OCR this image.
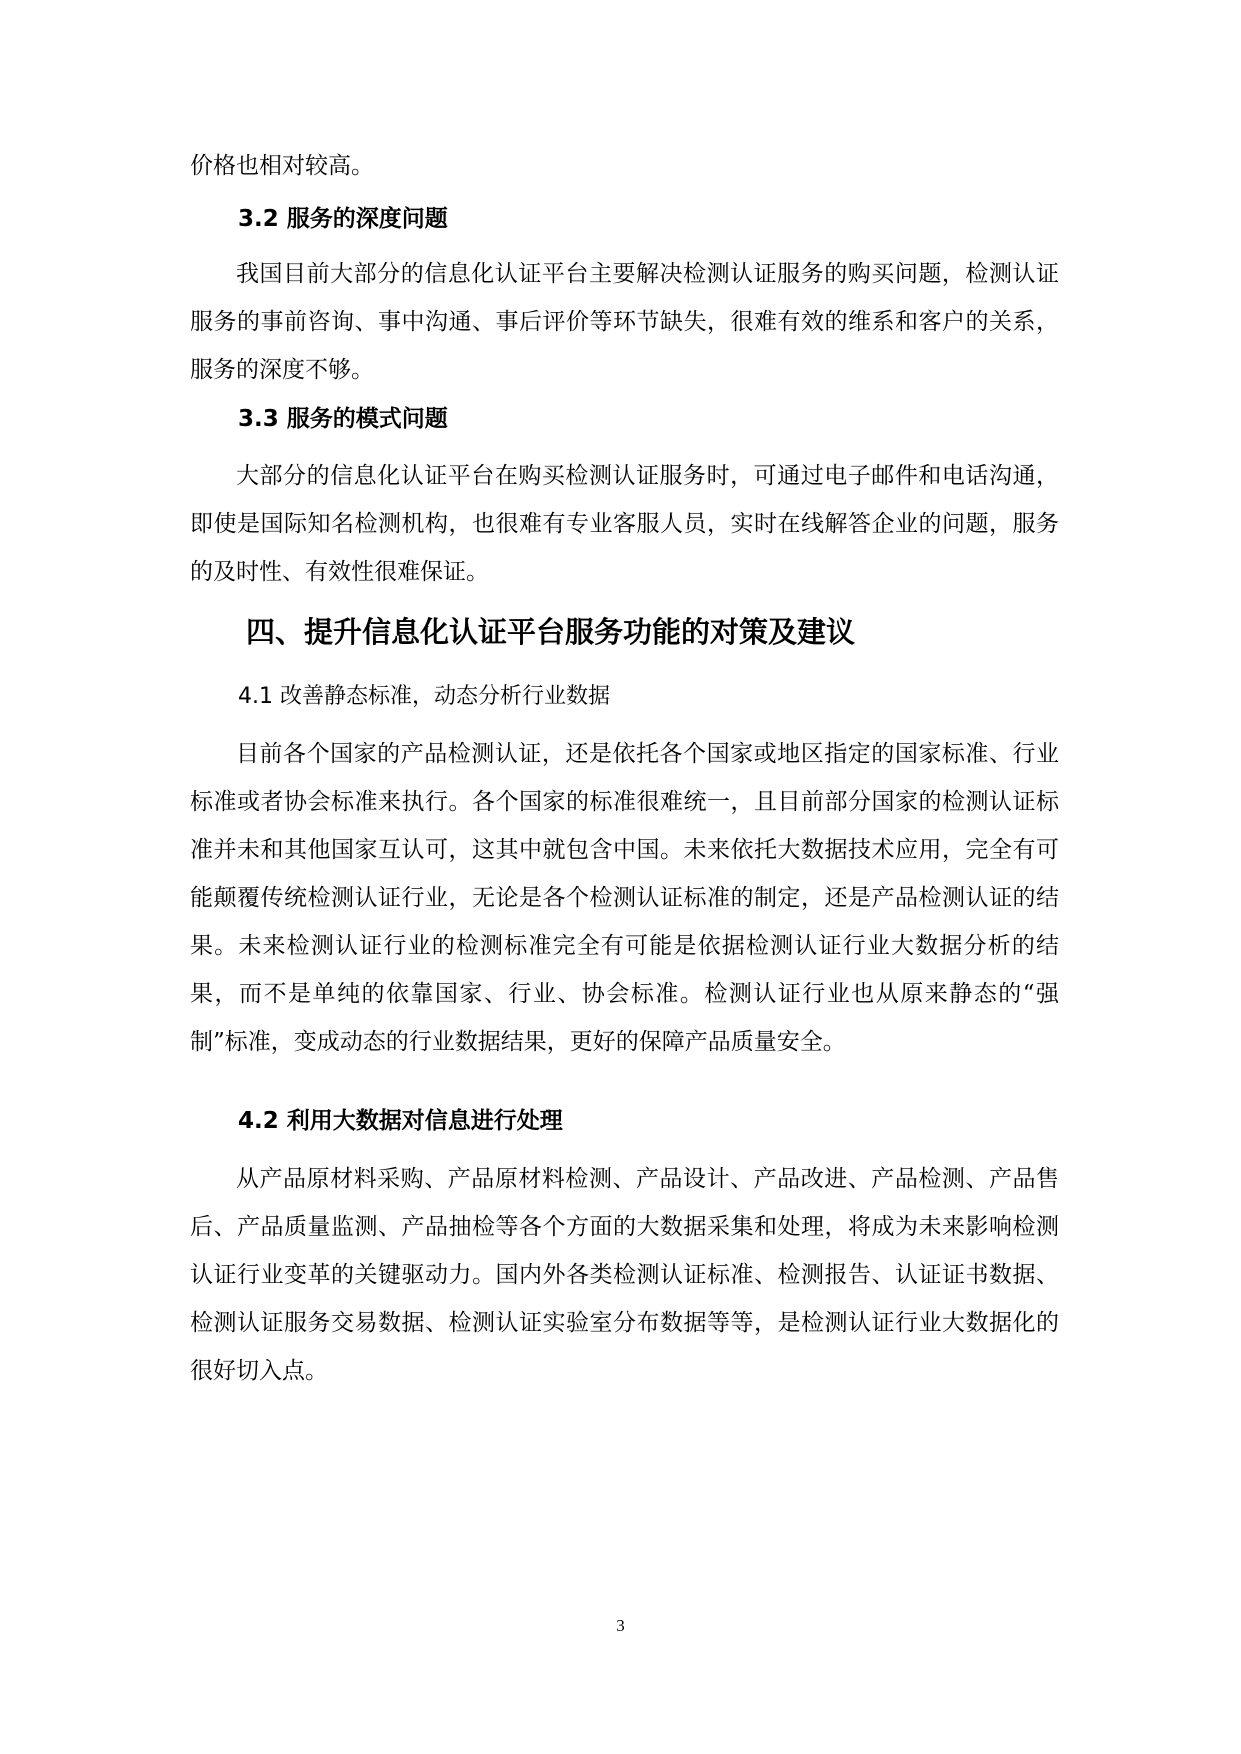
价格也相对较高。

3.2 服务的深度问题

我国目前大部分的信息化认证平台主要解决检测认证服务的购买问题，检测认证服务的事前咨询、事中沟通、事后评价等环节缺失，很难有效的维系和客户的关系，服务的深度不够。

3.3 服务的模式问题

大部分的信息化认证平台在购买检测认证服务时，可通过电子邮件和电话沟通，即使是国际知名检测机构，也很难有专业客服人员，实时在线解答企业的问题，服务的及时性、有效性很难保证。

四、提升信息化认证平台服务功能的对策及建议

4.1 改善静态标准，动态分析行业数据

目前各个国家的产品检测认证，还是依托各个国家或地区指定的国家标准、行业标准或者协会标准来执行。各个国家的标准很难统一，且目前部分国家的检测认证标准并未和其他国家互认可，这其中就包含中国。未来依托大数据技术应用，完全有可能颠覆传统检测认证行业，无论是各个检测认证标准的制定，还是产品检测认证的结果。未来检测认证行业的检测标准完全有可能是依据检测认证行业大数据分析的结果，而不是单纯的依靠国家、行业、协会标准。检测认证行业也从原来静态的“强制”标准，变成动态的行业数据结果，更好的保障产品质量安全。

4.2 利用大数据对信息进行处理

从产品原材料采购、产品原材料检测、产品设计、产品改进、产品检测、产品售后、产品质量监测、产品抽检等各个方面的大数据采集和处理，将成为未来影响检测认证行业变革的关键驱动力。国内外各类检测认证标准、检测报告、认证证书数据、检测认证服务交易数据、检测认证实验室分布数据等等，是检测认证行业大数据化的很好切入点。

3
